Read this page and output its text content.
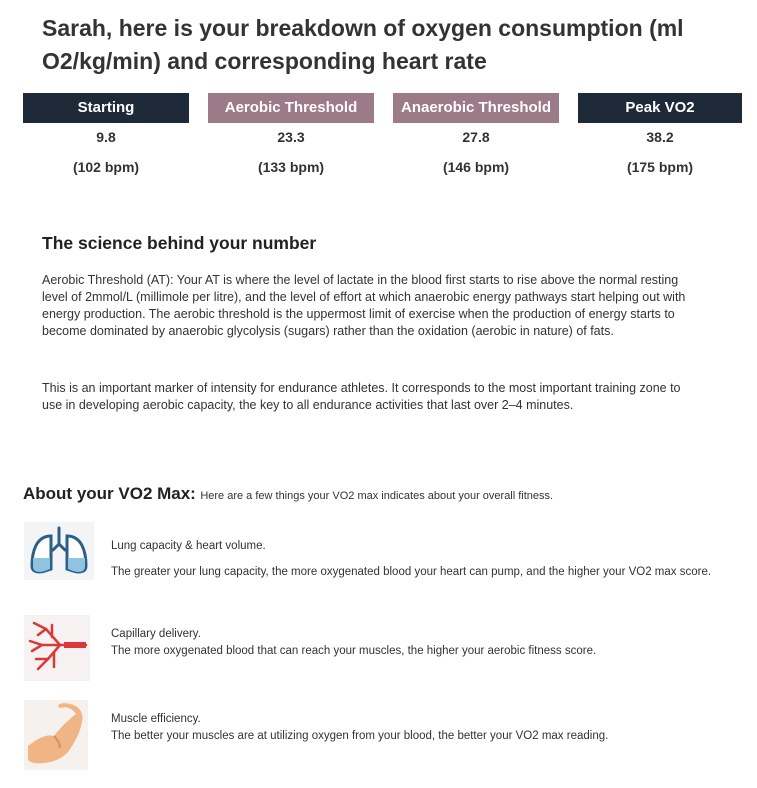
Sarah, here is your breakdown of oxygen consumption (ml O2/kg/min) and corresponding heart rate
Starting
9.8
(102 bpm)
Aerobic Threshold
23.3
(133 bpm)
Anaerobic Threshold
27.8
(146 bpm)
Peak VO2
38.2
(175 bpm)
The science behind your number
Aerobic Threshold (AT): Your AT is where the level of lactate in the blood first starts to rise above the normal resting level of 2mmol/L (millimole per litre), and the level of effort at which anaerobic energy pathways start helping out with energy production. The aerobic threshold is the uppermost limit of exercise when the production of energy starts to become dominated by anaerobic glycolysis (sugars) rather than the oxidation (aerobic in nature) of fats.
This is an important marker of intensity for endurance athletes. It corresponds to the most important training zone to use in developing aerobic capacity, the key to all endurance activities that last over 2–4 minutes.
About your VO2 Max: Here are a few things your VO2 max indicates about your overall fitness.

Lung capacity & heart volume.

The greater your lung capacity, the more oxygenated blood your heart can pump, and the higher your VO2 max score.

Capillary delivery.

The more oxygenated blood that can reach your muscles, the higher your aerobic fitness score.

Muscle efficiency.

The better your muscles are at utilizing oxygen from your blood, the better your VO2 max reading.
